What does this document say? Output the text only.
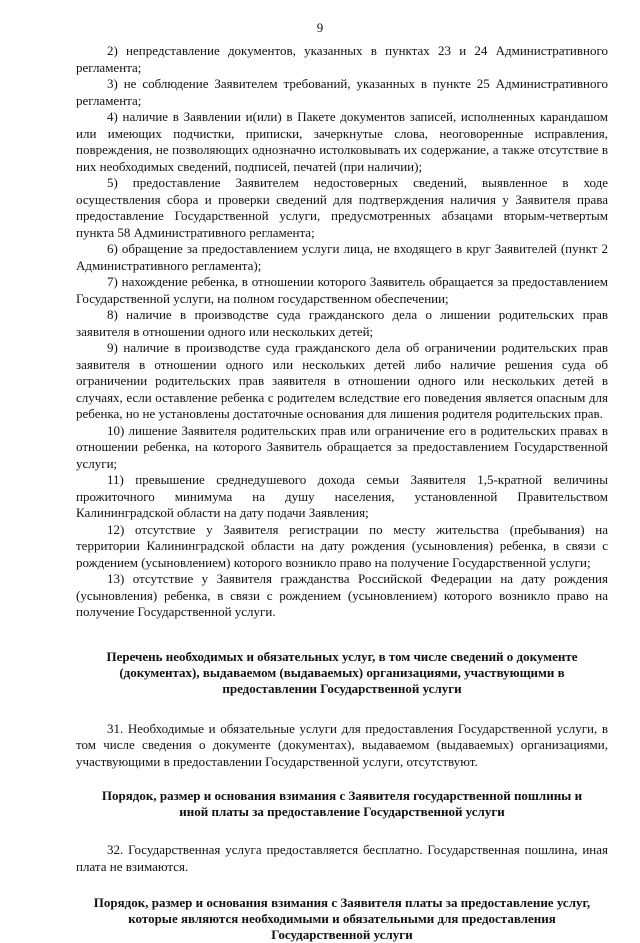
9

2) непредставление документов, указанных в пунктах 23 и 24 Административного регламента;

3) не соблюдение Заявителем требований, указанных в пункте 25 Административного регламента;

4) наличие в Заявлении и(или) в Пакете документов записей, исполненных карандашом или имеющих подчистки, приписки, зачеркнутые слова, неоговоренные исправления, повреждения, не позволяющих однозначно истолковывать их содержание, а также отсутствие в них необходимых сведений, подписей, печатей (при наличии);

5) предоставление Заявителем недостоверных сведений, выявленное в ходе осуществления сбора и проверки сведений для подтверждения наличия у Заявителя права предоставление Государственной услуги, предусмотренных абзацами вторым-четвертым пункта 58 Административного регламента;

6) обращение за предоставлением услуги лица, не входящего в круг Заявителей (пункт 2 Административного регламента);

7) нахождение ребенка, в отношении которого Заявитель обращается за предоставлением Государственной услуги, на полном государственном обеспечении;

8) наличие в производстве суда гражданского дела о лишении родительских прав заявителя в отношении одного или нескольких детей;

9) наличие в производстве суда гражданского дела об ограничении родительских прав заявителя в отношении одного или нескольких детей либо наличие решения суда об ограничении родительских прав заявителя в отношении одного или нескольких детей в случаях, если оставление ребенка с родителем вследствие его поведения является опасным для ребенка, но не установлены достаточные основания для лишения родителя родительских прав.

10) лишение Заявителя родительских прав или ограничение его в родительских правах в отношении ребенка, на которого Заявитель обращается за предоставлением Государственной услуги;

11) превышение среднедушевого дохода семьи Заявителя 1,5-кратной величины прожиточного минимума на душу населения, установленной Правительством Калининградской области на дату подачи Заявления;

12) отсутствие у Заявителя регистрации по месту жительства (пребывания) на территории Калининградской области на дату рождения (усыновления) ребенка, в связи с рождением (усыновлением) которого возникло право на получение Государственной услуги;

13) отсутствие у Заявителя гражданства Российской Федерации на дату рождения (усыновления) ребенка, в связи с рождением (усыновлением) которого возникло право на получение Государственной услуги.

Перечень необходимых и обязательных услуг, в том числе сведений о документе
(документах), выдаваемом (выдаваемых) организациями, участвующими в
предоставлении Государственной услуги

31. Необходимые и обязательные услуги для предоставления Государственной услуги, в том числе сведения о документе (документах), выдаваемом (выдаваемых) организациями, участвующими в предоставлении Государственной услуги, отсутствуют.

Порядок, размер и основания взимания с Заявителя государственной пошлины и
иной платы за предоставление Государственной услуги

32. Государственная услуга предоставляется бесплатно. Государственная пошлина, иная плата не взимаются.

Порядок, размер и основания взимания с Заявителя платы за предоставление услуг,
которые являются необходимыми и обязательными для предоставления
Государственной услуги
